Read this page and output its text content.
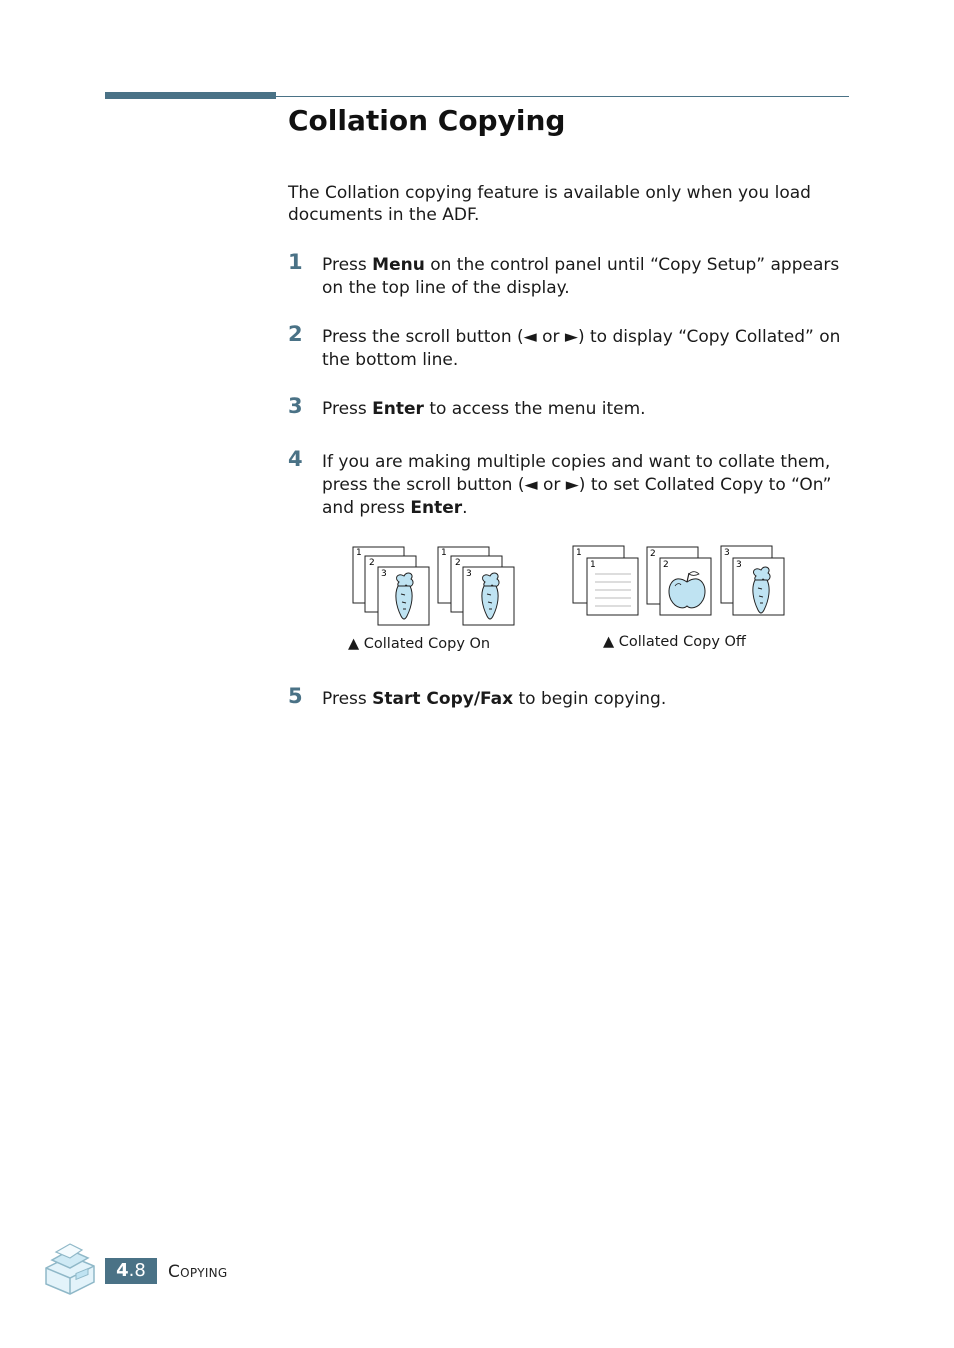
Collation Copying

The Collation copying feature is available only when you load documents in the ADF.

1 Press Menu on the control panel until “Copy Setup” appears on the top line of the display.

2 Press the scroll button (◄ or ►) to display “Copy Collated” on the bottom line.

3 Press Enter to access the menu item.

4 If you are making multiple copies and want to collate them, press the scroll button (◄ or ►) to set Collated Copy to “On” and press Enter.

1
2
3
1
2
3
▲ Collated Copy On
1
1
2
2
3
3
▲ Collated Copy Off
5 Press Start Copy/Fax to begin copying.

4.8	Copying
